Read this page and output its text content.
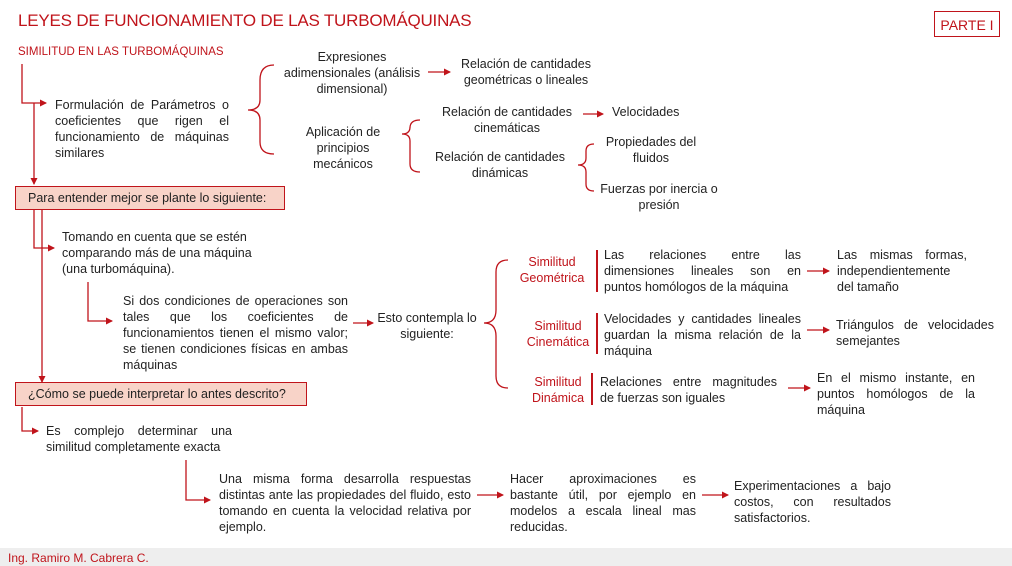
LEYES DE FUNCIONAMIENTO DE LAS TURBOMÁQUINAS	PARTE I
SIMILITUD EN LAS TURBOMÁQUINAS
Formulación de Parámetros o coeficientes que rigen el funcionamiento de máquinas similares
Expresiones adimensionales (análisis dimensional)
Relación de cantidades geométricas o lineales
Aplicación de principios mecánicos
Relación de cantidades cinemáticas
Velocidades
Relación de cantidades dinámicas
Propiedades del fluidos
Fuerzas por inercia o presión
Para entender mejor se plante lo siguiente:
Tomando en cuenta que se estén comparando más de una máquina (una turbomáquina).
Si dos condiciones de operaciones son tales que los coeficientes de funcionamientos tienen el mismo valor; se tienen condiciones físicas en ambas máquinas
Esto contempla lo siguiente:
Similitud Geométrica
Las relaciones entre las dimensiones lineales son en puntos homólogos de la máquina
Las mismas formas, independientemente del tamaño
Similitud Cinemática
Velocidades y cantidades lineales guardan la misma relación de la máquina
Triángulos de velocidades semejantes
Similitud Dinámica
Relaciones entre magnitudes de fuerzas son iguales
En el mismo instante, en puntos homólogos de la máquina
¿Cómo se puede interpretar lo antes descrito?
Es complejo determinar una similitud completamente exacta
Una misma forma desarrolla respuestas distintas ante las propiedades del fluido, esto tomando en cuenta la velocidad relativa por ejemplo.
Hacer aproximaciones es bastante útil, por ejemplo en modelos a escala lineal mas reducidas.
Experimentaciones a bajo costos, con resultados satisfactorios.
Ing. Ramiro M. Cabrera C.
